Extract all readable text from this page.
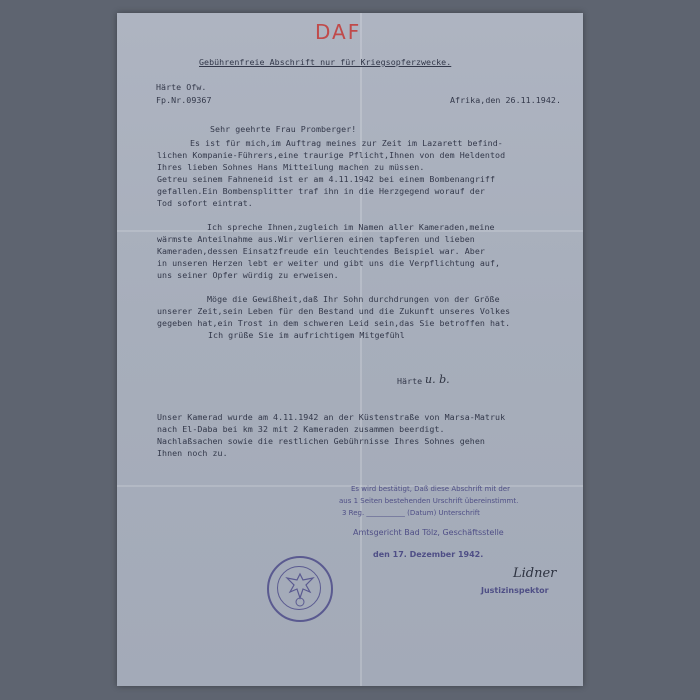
DAF
Gebührenfreie Abschrift nur für Kriegsopferzwecke.
Härte Ofw.
Fp.Nr.09367	Afrika,den 26.11.1942.
Sehr geehrte Frau Promberger!
Es ist für mich,im Auftrag meines zur Zeit im Lazarett befind-
lichen Kompanie-Führers,eine traurige Pflicht,Ihnen von dem Heldentod
Ihres lieben Sohnes Hans Mitteilung machen zu müssen.
Getreu seinem Fahneneid ist er am 4.11.1942 bei einem Bombenangriff
gefallen.Ein Bombensplitter traf ihn in die Herzgegend worauf der
Tod sofort eintrat.
Ich spreche Ihnen,zugleich im Namen aller Kameraden,meine
wärmste Anteilnahme aus.Wir verlieren einen tapferen und lieben
Kameraden,dessen Einsatzfreude ein leuchtendes Beispiel war. Aber
in unseren Herzen lebt er weiter und gibt uns die Verpflichtung auf,
uns seiner Opfer würdig zu erweisen.
Möge die Gewißheit,daß Ihr Sohn durchdrungen von der Größe
unserer Zeit,sein Leben für den Bestand und die Zukunft unseres Volkes
gegeben hat,ein Trost in dem schweren Leid sein,das Sie betroffen hat.
Ich grüße Sie im aufrichtigem Mitgefühl
Härte u. b.
Unser Kamerad wurde am 4.11.1942 an der Küstenstraße von Marsa-Matruk
nach El-Daba bei km 32 mit 2 Kameraden zusammen beerdigt.
Nachlaßsachen sowie die restlichen Gebührnisse Ihres Sohnes gehen
Ihnen noch zu.
Es wird bestätigt, Daß diese Abschrift mit der
aus 1 Seiten bestehenden Urschrift übereinstimmt.
3 Reg. ___________ (Datum) Unterschrift
Amtsgericht Bad Tölz, Geschäftsstelle
den 17. Dezember 1942.
Lidner
Justizinspektor
